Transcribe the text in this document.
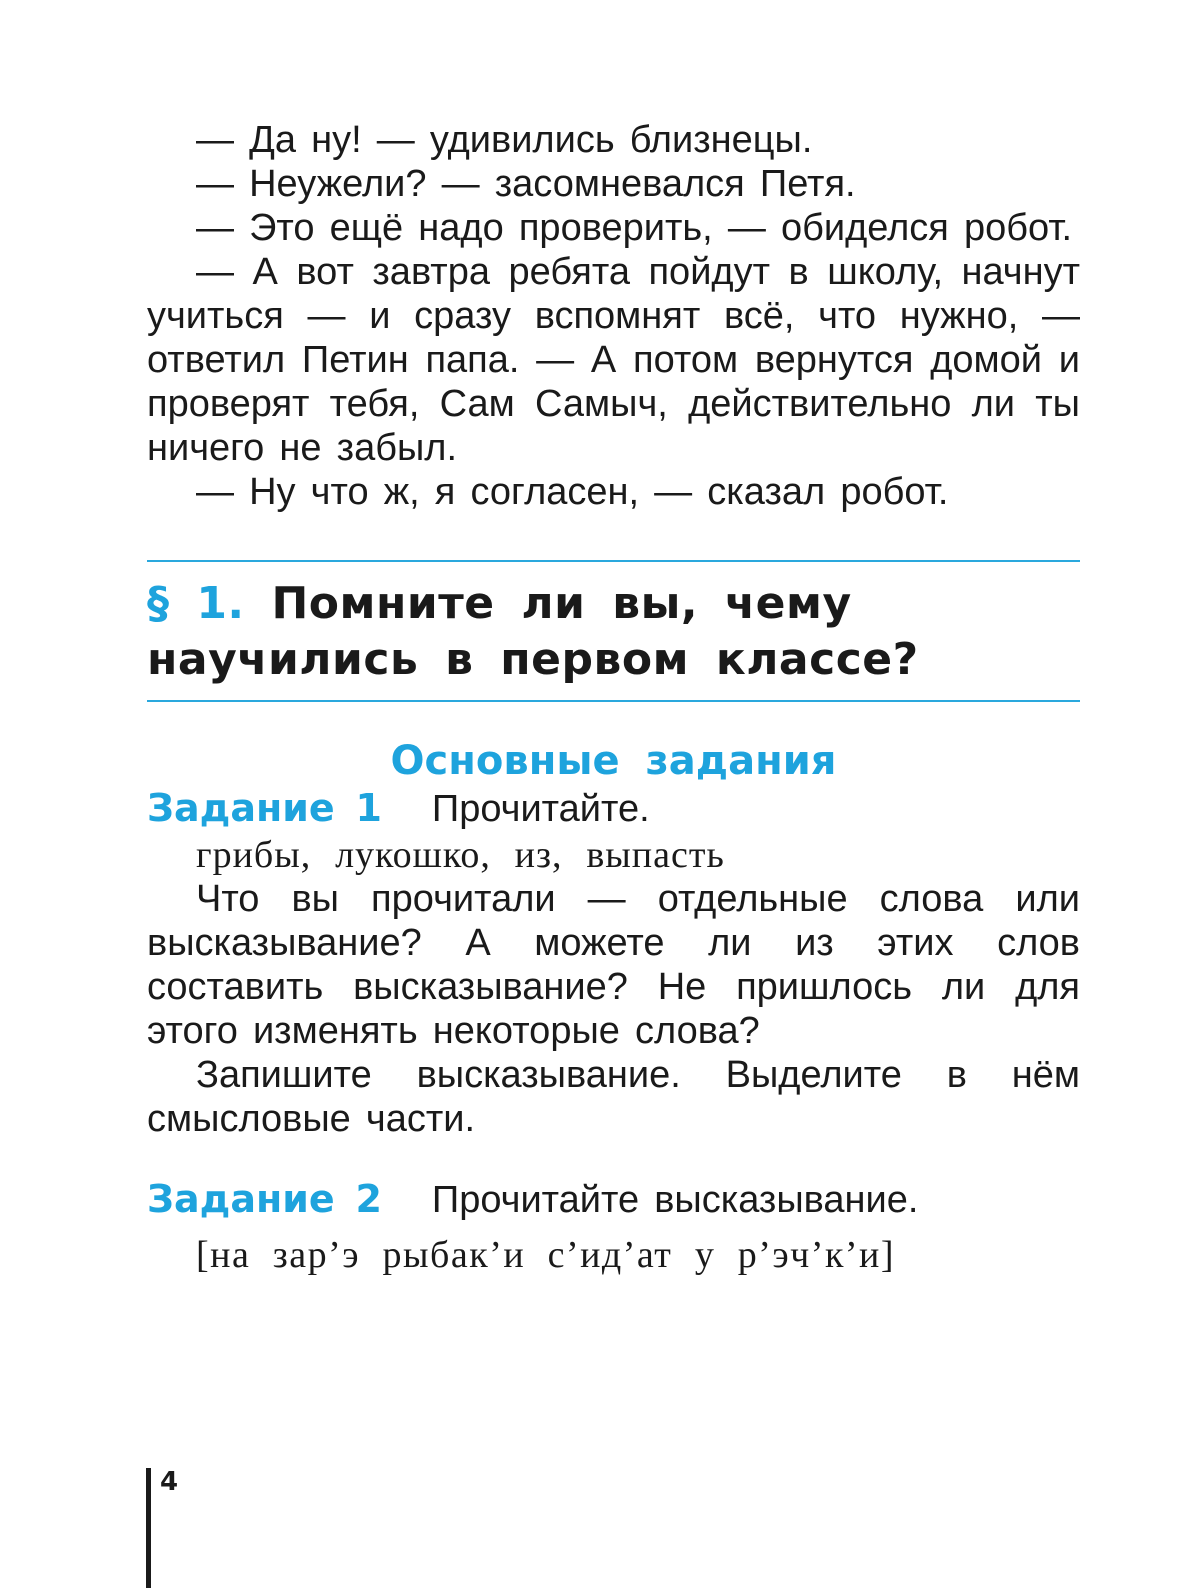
— Да ну! — удивились близнецы.

— Неужели? — засомневался Петя.

— Это ещё надо проверить, — обиделся робот.

— А вот завтра ребята пойдут в школу, начнут учиться — и сразу вспомнят всё, что нужно, — ответил Петин папа. — А потом вернутся домой и проверят тебя, Сам Самыч, действительно ли ты ничего не забыл.

— Ну что ж, я согласен, — сказал робот.

§ 1. Помните ли вы, чему научились в первом классе?
Основные задания
Задание 1 Прочитайте.
грибы, лукошко, из, выпасть

Что вы прочитали — отдельные слова или высказывание? А можете ли из этих слов составить высказывание? Не пришлось ли для этого изменять некоторые слова?

Запишите высказывание. Выделите в нём смысловые части.

Задание 2 Прочитайте высказывание.
[на зар’э рыбак’и с’ид’ат у р’эч’к’и]
4
